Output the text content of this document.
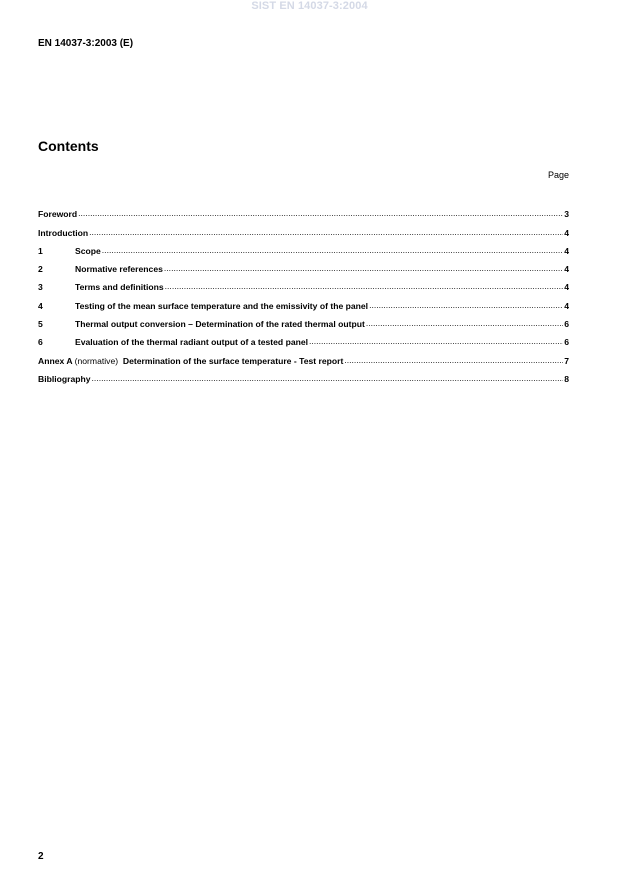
SIST EN 14037-3:2004
EN 14037-3:2003 (E)
Contents
Page
Foreword .....	3
Introduction .....	4
1	Scope .....	4
2	Normative references .....	4
3	Terms and definitions .....	4
4	Testing of the mean surface temperature and the emissivity of the panel .....	4
5	Thermal output conversion – Determination of the rated thermal output .....	6
6	Evaluation of the thermal radiant output of a tested panel .....	6
Annex A (normative) Determination of the surface temperature - Test report .....	7
Bibliography .....	8
2
